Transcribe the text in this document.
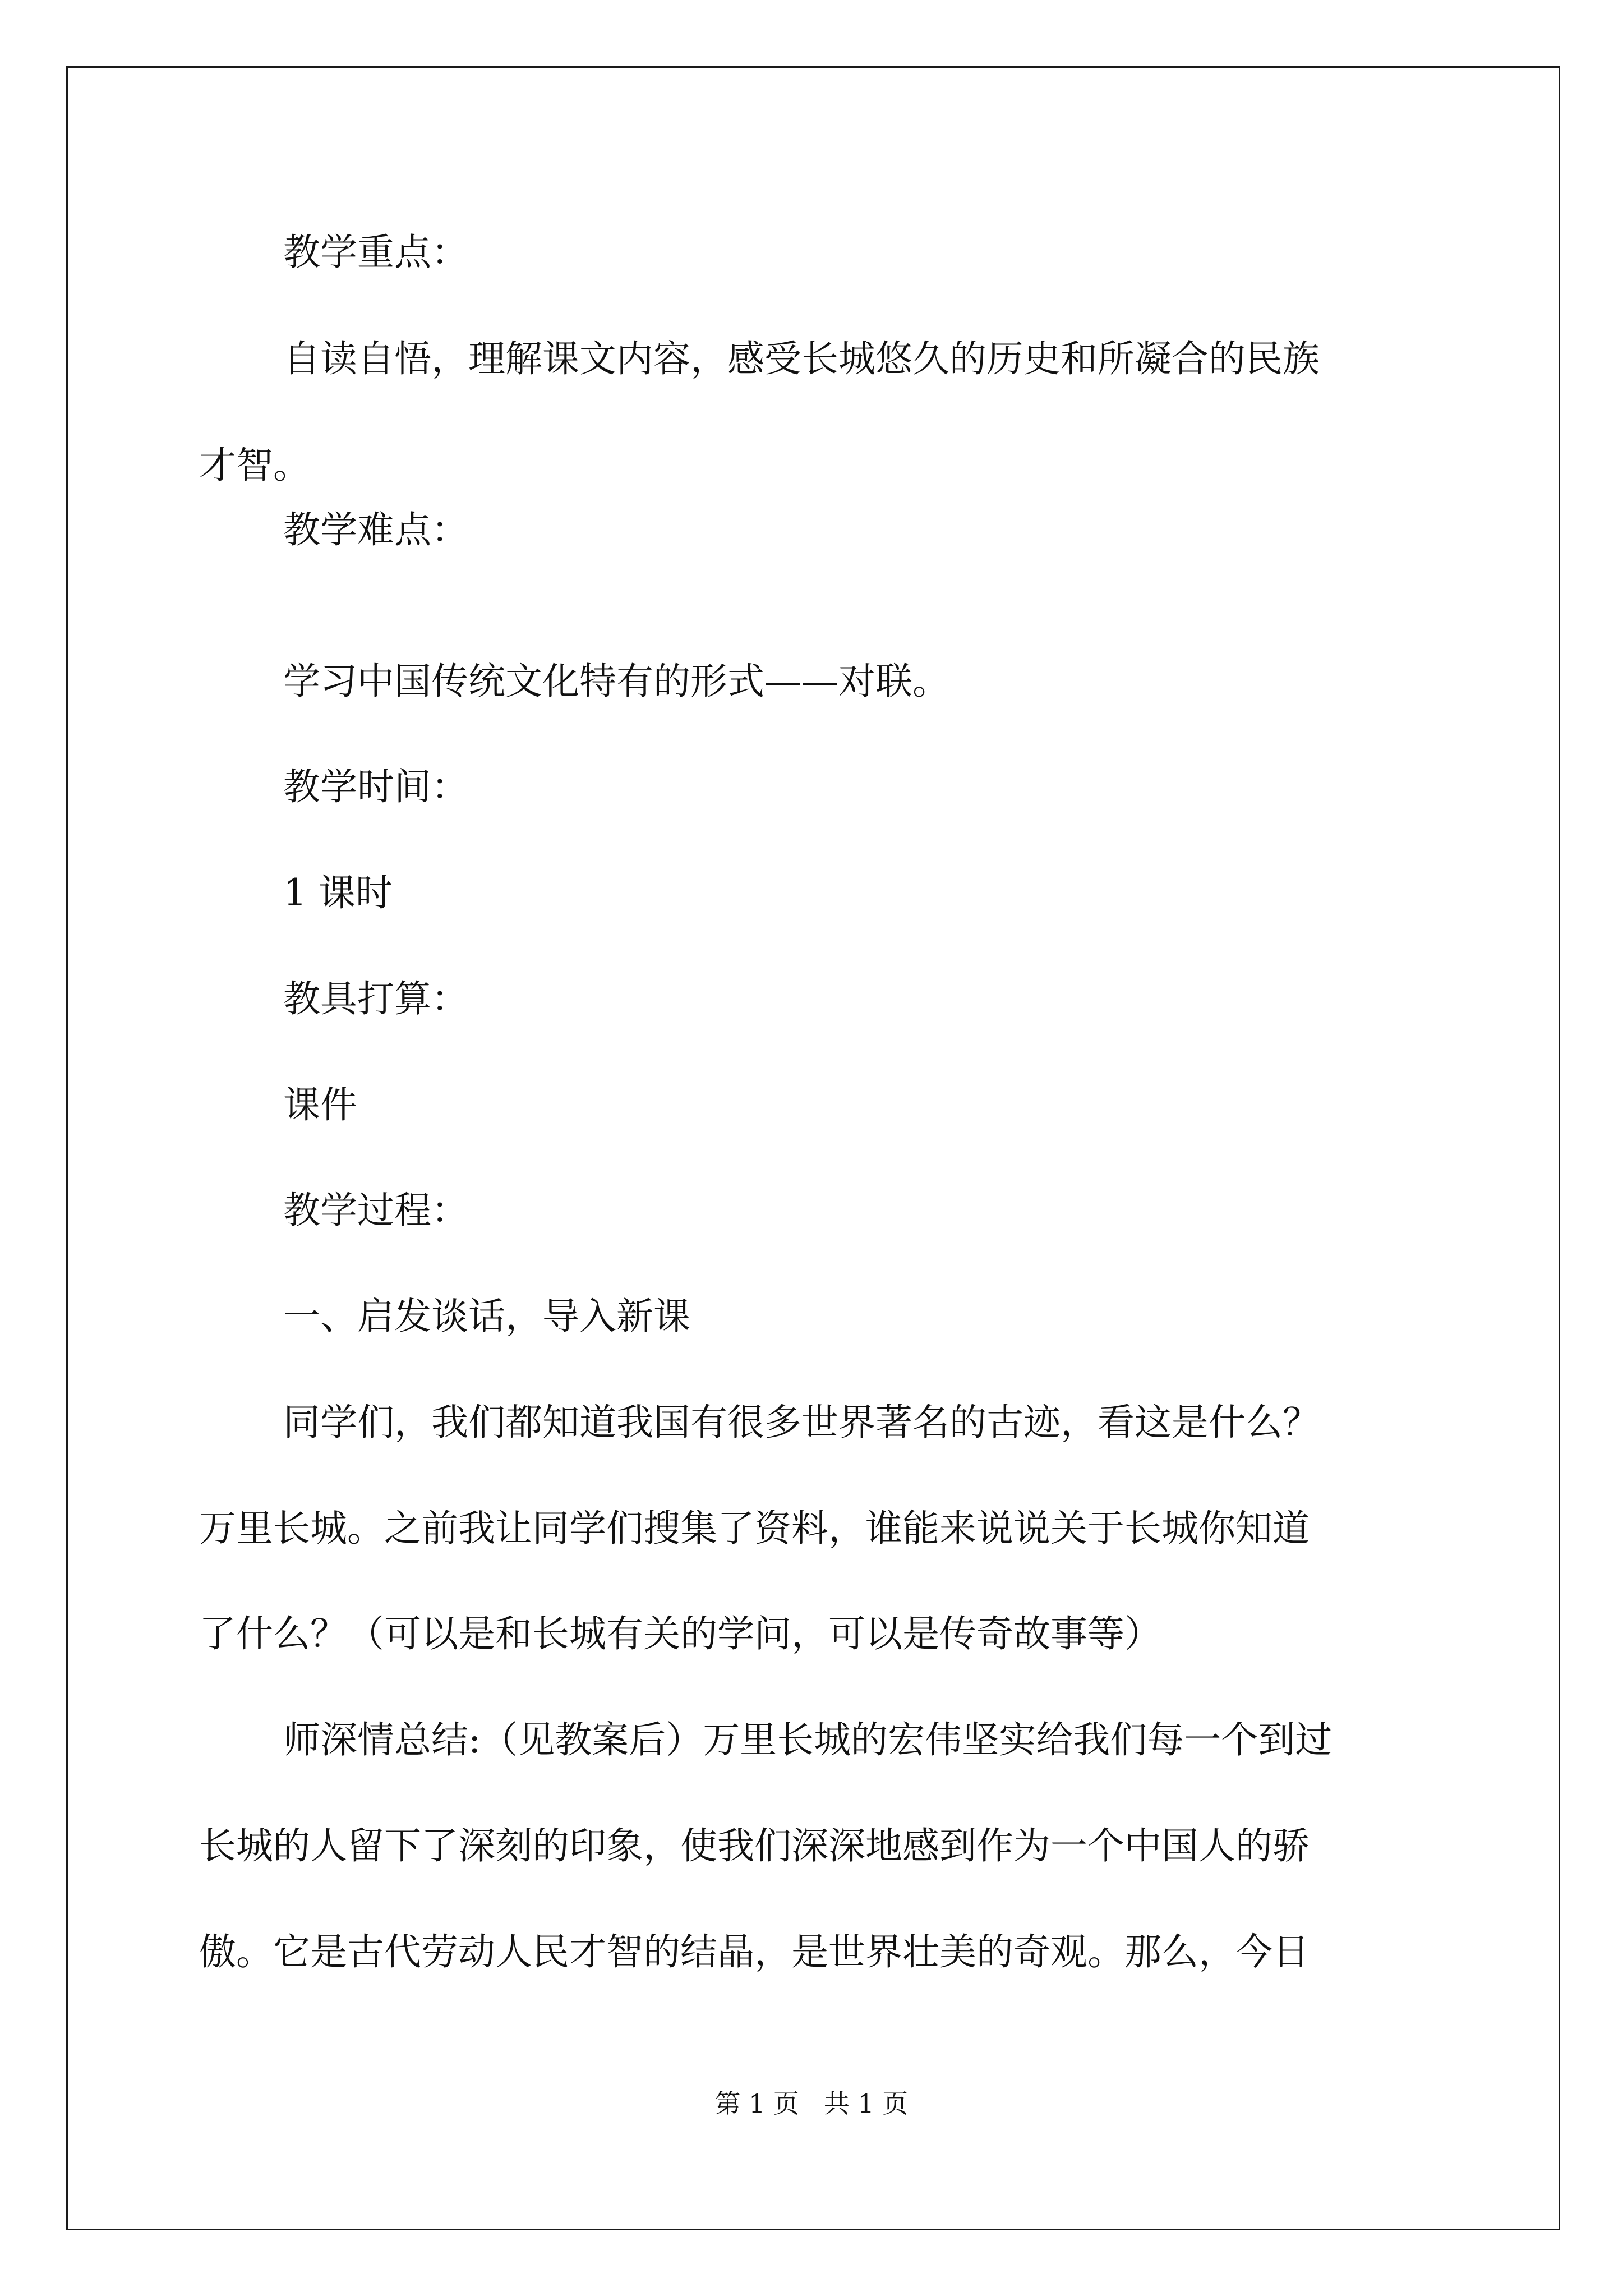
教学重点：

自读自悟，理解课文内容，感受长城悠久的历史和所凝合的民族

才智。

教学难点：

学习中国传统文化特有的形式——对联。

教学时间：

1 课时

教具打算：

课件

教学过程：

一、启发谈话，导入新课

同学们，我们都知道我国有很多世界著名的古迹，看这是什么？

万里长城。之前我让同学们搜集了资料，谁能来说说关于长城你知道

了什么？（可以是和长城有关的学问，可以是传奇故事等）

师深情总结:（见教案后）万里长城的宏伟坚实给我们每一个到过

长城的人留下了深刻的印象，使我们深深地感到作为一个中国人的骄

傲。它是古代劳动人民才智的结晶，是世界壮美的奇观。那么，今日

第 1 页   共 1 页
